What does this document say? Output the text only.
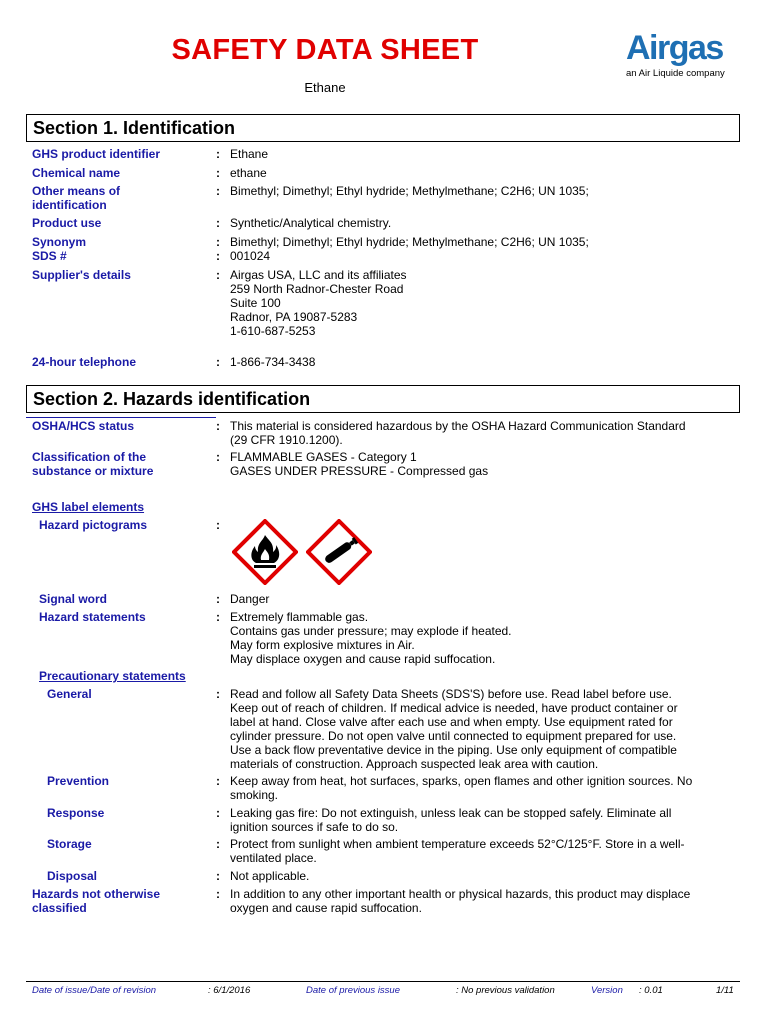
SAFETY DATA SHEET
Ethane
Airgas
an Air Liquide company
Section 1. Identification
GHS product identifier	: Ethane
Chemical name	: ethane
Other means of identification
: Bimethyl; Dimethyl; Ethyl hydride; Methylmethane; C2H6; UN 1035;
Product use	: Synthetic/Analytical chemistry.
Synonym	: Bimethyl; Dimethyl; Ethyl hydride; Methylmethane; C2H6; UN 1035;
SDS #	: 001024
Supplier's details	: Airgas USA, LLC and its affiliates
259 North Radnor-Chester Road
Suite 100
Radnor, PA 19087-5283
1-610-687-5253
24-hour telephone	: 1-866-734-3438
Section 2. Hazards identification
OSHA/HCS status	: This material is considered hazardous by the OSHA Hazard Communication Standard
(29 CFR 1910.1200).
Classification of the substance or mixture
: FLAMMABLE GASES - Category 1
GASES UNDER PRESSURE - Compressed gas
GHS label elements
Hazard pictograms	:

Signal word	: Danger
Hazard statements	: Extremely flammable gas.
Contains gas under pressure; may explode if heated.
May form explosive mixtures in Air.
May displace oxygen and cause rapid suffocation.
Precautionary statements
General	: Read and follow all Safety Data Sheets (SDS'S) before use. Read label before use.
Keep out of reach of children. If medical advice is needed, have product container or
label at hand. Close valve after each use and when empty. Use equipment rated for
cylinder pressure. Do not open valve until connected to equipment prepared for use.
Use a back flow preventative device in the piping. Use only equipment of compatible
materials of construction. Approach suspected leak area with caution.
Prevention	: Keep away from heat, hot surfaces, sparks, open flames and other ignition sources. No
smoking.
Response	: Leaking gas fire: Do not extinguish, unless leak can be stopped safely. Eliminate all
ignition sources if safe to do so.
Storage	: Protect from sunlight when ambient temperature exceeds 52°C/125°F. Store in a well-
ventilated place.
Disposal	: Not applicable.
Hazards not otherwise classified
: In addition to any other important health or physical hazards, this product may displace
oxygen and cause rapid suffocation.
Date of issue/Date of revision	: 6/1/2016	Date of previous issue	: No previous validation	Version : 0.01	1/11
